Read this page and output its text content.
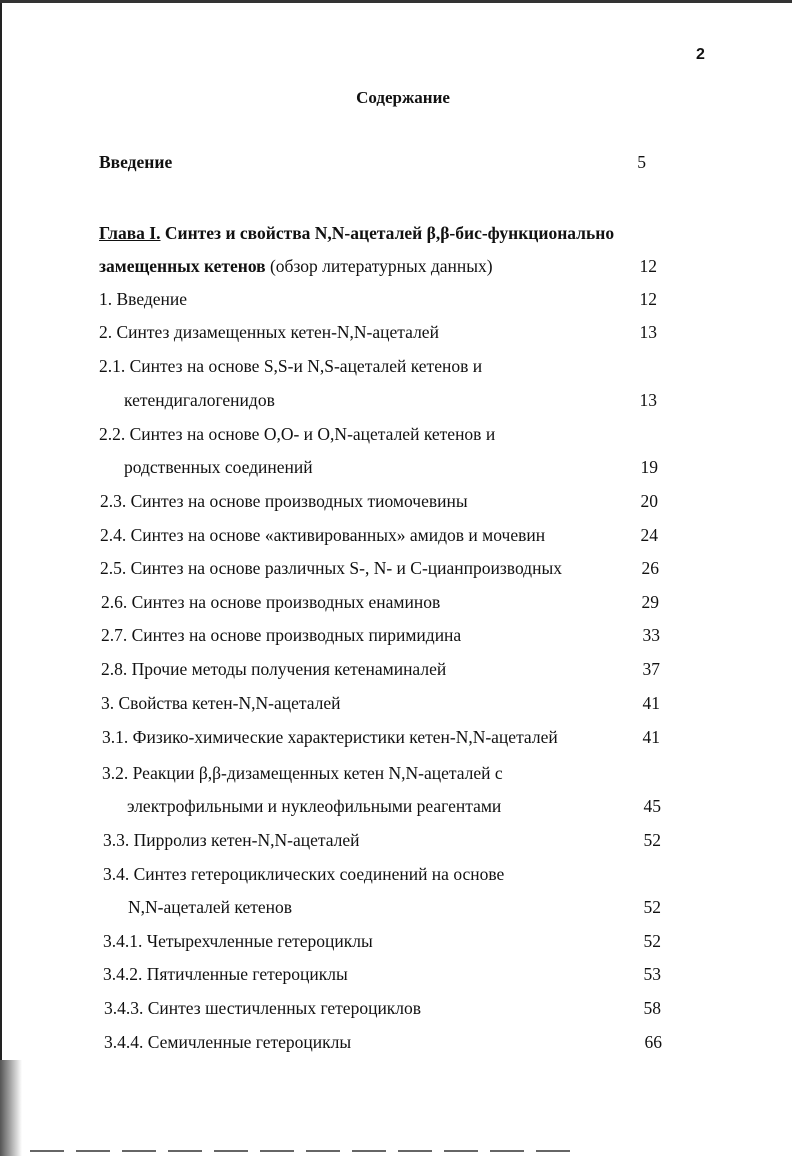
2
Содержание
Введение	5
Глава I. Синтез и свойства N,N-ацеталей β,β-бис-функционально
замещенных кетенов (обзор литературных данных)	12
1. Введение	12
2. Синтез дизамещенных кетен-N,N-ацеталей	13
2.1. Синтез на основе S,S-и N,S-ацеталей кетенов и
кетендигалогенидов	13
2.2. Синтез на основе O,O- и O,N-ацеталей кетенов и
родственных соединений	19
2.3. Синтез на основе производных тиомочевины	20
2.4. Синтез на основе «активированных» амидов и мочевин	24
2.5. Синтез на основе различных S-, N- и С-цианпроизводных	26
2.6. Синтез на основе производных енаминов	29
2.7. Синтез на основе производных пиримидина	33
2.8. Прочие методы получения кетенаминалей	37
3. Свойства кетен-N,N-ацеталей	41
3.1. Физико-химические характеристики кетен-N,N-ацеталей	41
3.2. Реакции β,β-дизамещенных кетен N,N-ацеталей с
электрофильными и нуклеофильными реагентами	45
3.3. Пирролиз кетен-N,N-ацеталей	52
3.4. Синтез гетероциклических соединений на основе
N,N-ацеталей кетенов	52
3.4.1. Четырехчленные гетероциклы	52
3.4.2. Пятичленные гетероциклы	53
3.4.3. Синтез шестичленных гетероциклов	58
3.4.4. Семичленные гетероциклы	66
